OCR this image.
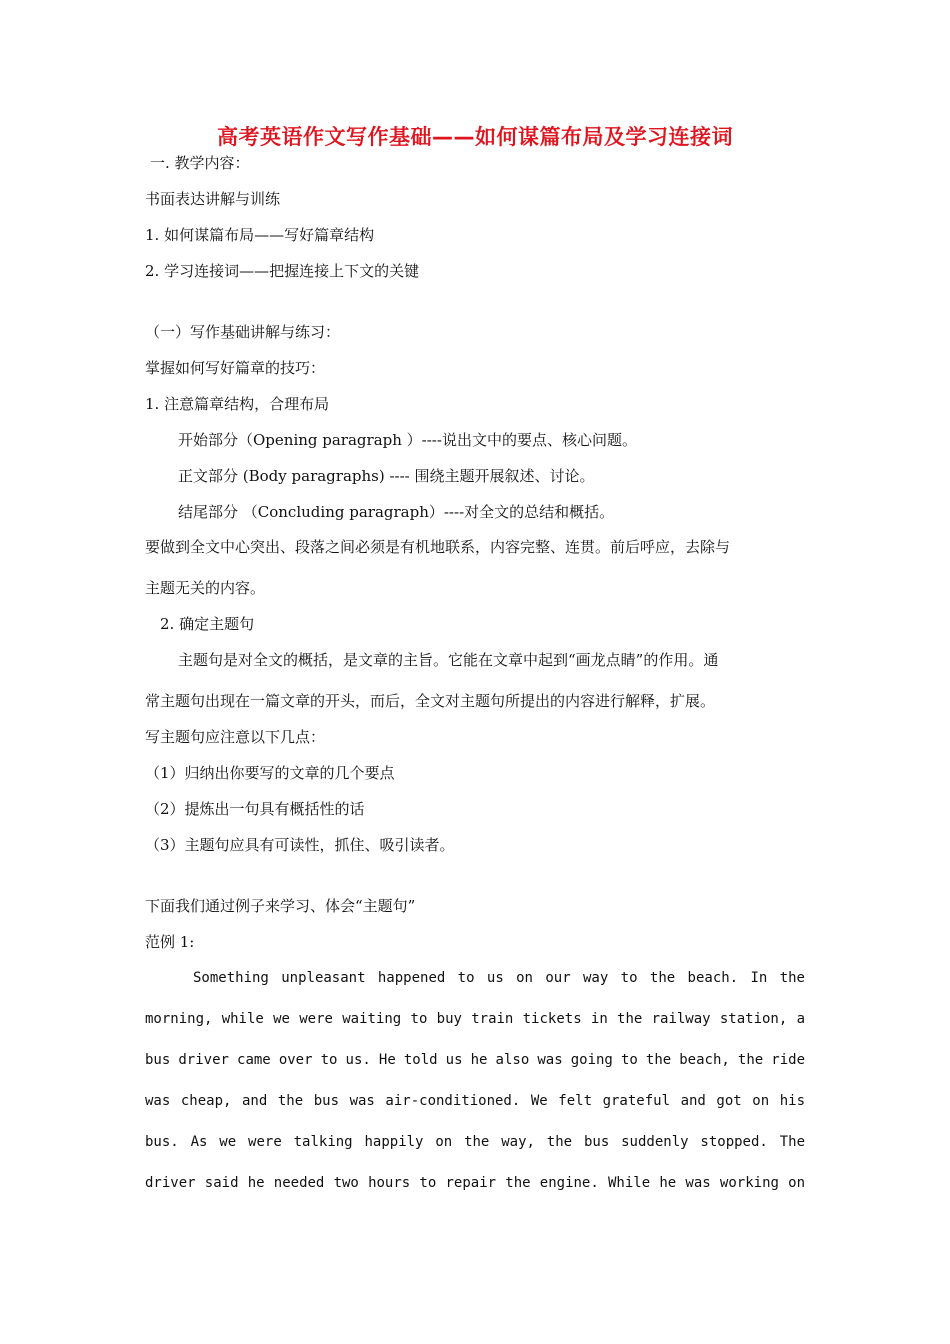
高考英语作文写作基础——如何谋篇布局及学习连接词
一. 教学内容：
书面表达讲解与训练
1. 如何谋篇布局——写好篇章结构
2. 学习连接词——把握连接上下文的关键
（一）写作基础讲解与练习：
掌握如何写好篇章的技巧：
1. 注意篇章结构，合理布局
开始部分（Opening paragraph ）----说出文中的要点、核心问题。
正文部分 (Body paragraphs) ---- 围绕主题开展叙述、讨论。
结尾部分 （Concluding paragraph）----对全文的总结和概括。
要做到全文中心突出、段落之间必须是有机地联系，内容完整、连贯。前后呼应，去除与
主题无关的内容。
2. 确定主题句
主题句是对全文的概括，是文章的主旨。它能在文章中起到“画龙点睛”的作用。通
常主题句出现在一篇文章的开头，而后，全文对主题句所提出的内容进行解释，扩展。
写主题句应注意以下几点：
（1）归纳出你要写的文章的几个要点
（2）提炼出一句具有概括性的话
（3）主题句应具有可读性，抓住、吸引读者。
下面我们通过例子来学习、体会“主题句”
范例 1:
Something unpleasant happened to us on our way to the beach. In the
morning, while we were waiting to buy train tickets in the railway station, a
bus driver came over to us. He told us he also was going to the beach, the ride
was cheap, and the bus was air-conditioned. We felt grateful and got on his
bus. As we were talking happily on the way, the bus suddenly stopped. The
driver said he needed two hours to repair the engine. While he was working on
